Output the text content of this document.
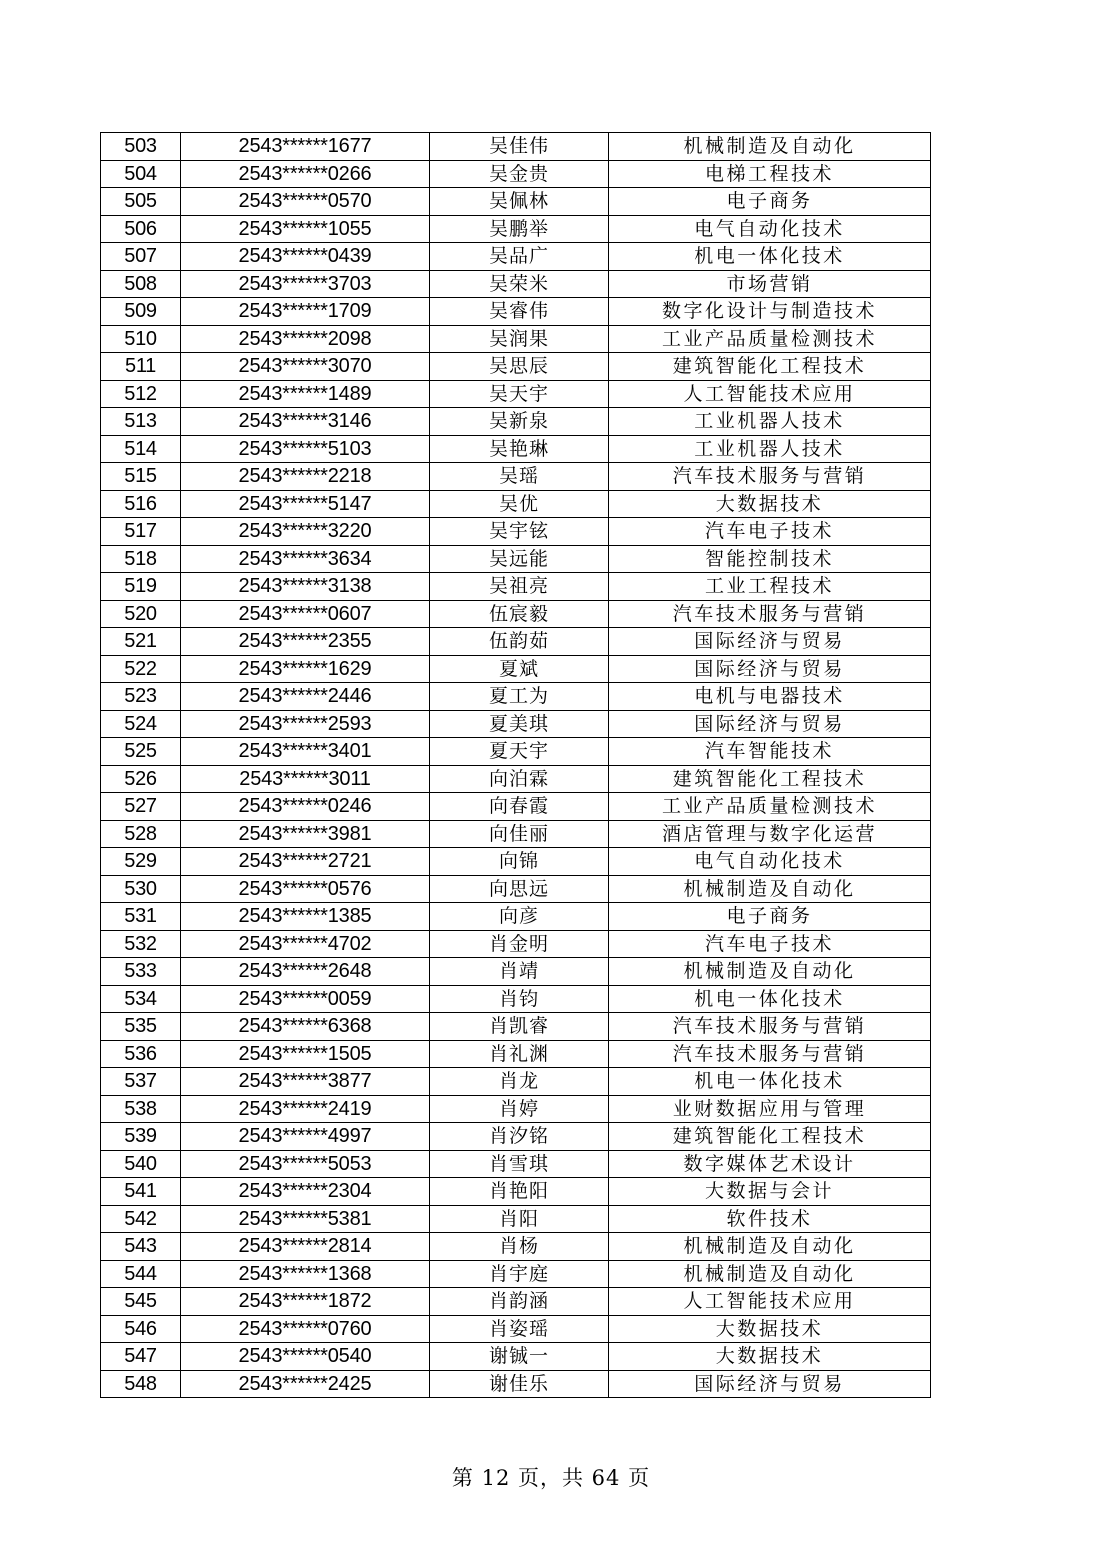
503	2543******1677	吴佳伟	机械制造及自动化
504	2543******0266	吴金贵	电梯工程技术
505	2543******0570	吴佩林	电子商务
506	2543******1055	吴鹏举	电气自动化技术
507	2543******0439	吴品广	机电一体化技术
508	2543******3703	吴荣米	市场营销
509	2543******1709	吴睿伟	数字化设计与制造技术
510	2543******2098	吴润果	工业产品质量检测技术
511	2543******3070	吴思辰	建筑智能化工程技术
512	2543******1489	吴天宇	人工智能技术应用
513	2543******3146	吴新泉	工业机器人技术
514	2543******5103	吴艳琳	工业机器人技术
515	2543******2218	吴瑶	汽车技术服务与营销
516	2543******5147	吴优	大数据技术
517	2543******3220	吴宇铉	汽车电子技术
518	2543******3634	吴远能	智能控制技术
519	2543******3138	吴祖亮	工业工程技术
520	2543******0607	伍宸毅	汽车技术服务与营销
521	2543******2355	伍韵茹	国际经济与贸易
522	2543******1629	夏斌	国际经济与贸易
523	2543******2446	夏工为	电机与电器技术
524	2543******2593	夏美琪	国际经济与贸易
525	2543******3401	夏天宇	汽车智能技术
526	2543******3011	向泊霖	建筑智能化工程技术
527	2543******0246	向春霞	工业产品质量检测技术
528	2543******3981	向佳丽	酒店管理与数字化运营
529	2543******2721	向锦	电气自动化技术
530	2543******0576	向思远	机械制造及自动化
531	2543******1385	向彦	电子商务
532	2543******4702	肖金明	汽车电子技术
533	2543******2648	肖靖	机械制造及自动化
534	2543******0059	肖钧	机电一体化技术
535	2543******6368	肖凯睿	汽车技术服务与营销
536	2543******1505	肖礼渊	汽车技术服务与营销
537	2543******3877	肖龙	机电一体化技术
538	2543******2419	肖婷	业财数据应用与管理
539	2543******4997	肖汐铭	建筑智能化工程技术
540	2543******5053	肖雪琪	数字媒体艺术设计
541	2543******2304	肖艳阳	大数据与会计
542	2543******5381	肖阳	软件技术
543	2543******2814	肖杨	机械制造及自动化
544	2543******1368	肖宇庭	机械制造及自动化
545	2543******1872	肖韵涵	人工智能技术应用
546	2543******0760	肖姿瑶	大数据技术
547	2543******0540	谢铖一	大数据技术
548	2543******2425	谢佳乐	国际经济与贸易
第 12 页，共 64 页
